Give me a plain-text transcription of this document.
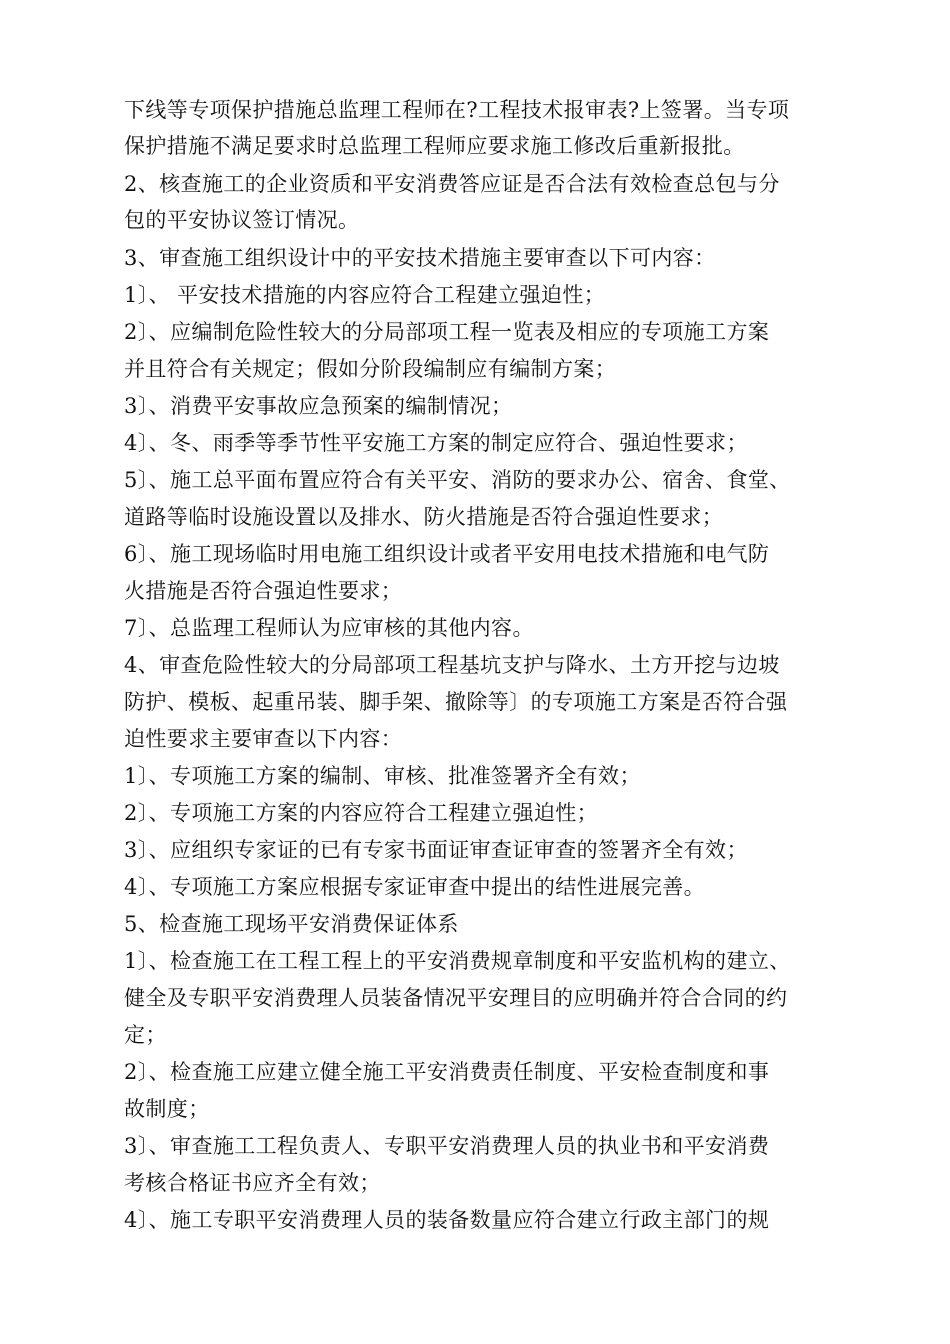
下线等专项保护措施总监理工程师在?工程技术报审表?上签署。当专项
保护措施不满足要求时总监理工程师应要求施工修改后重新报批。
2、核查施工的企业资质和平安消费答应证是否合法有效检查总包与分
包的平安协议签订情况。
3、审查施工组织设计中的平安技术措施主要审查以下可内容：
1〕、 平安技术措施的内容应符合工程建立强迫性；
2〕、应编制危险性较大的分局部项工程一览表及相应的专项施工方案
并且符合有关规定；假如分阶段编制应有编制方案；
3〕、消费平安事故应急预案的编制情况；
4〕、冬、雨季等季节性平安施工方案的制定应符合、强迫性要求；
5〕、施工总平面布置应符合有关平安、消防的要求办公、宿舍、食堂、
道路等临时设施设置以及排水、防火措施是否符合强迫性要求；
6〕、施工现场临时用电施工组织设计或者平安用电技术措施和电气防
火措施是否符合强迫性要求；
7〕、总监理工程师认为应审核的其他内容。
4、审查危险性较大的分局部项工程基坑支护与降水、土方开挖与边坡
防护、模板、起重吊装、脚手架、撤除等〕的专项施工方案是否符合强
迫性要求主要审查以下内容：
1〕、专项施工方案的编制、审核、批准签署齐全有效；
2〕、专项施工方案的内容应符合工程建立强迫性；
3〕、应组织专家证的已有专家书面证审查证审查的签署齐全有效；
4〕、专项施工方案应根据专家证审查中提出的结性进展完善。
5、检查施工现场平安消费保证体系
1〕、检查施工在工程工程上的平安消费规章制度和平安监机构的建立、
健全及专职平安消费理人员装备情况平安理目的应明确并符合合同的约
定；
2〕、检查施工应建立健全施工平安消费责任制度、平安检查制度和事
故制度；
3〕、审查施工工程负责人、专职平安消费理人员的执业书和平安消费
考核合格证书应齐全有效；
4〕、施工专职平安消费理人员的装备数量应符合建立行政主部门的规
